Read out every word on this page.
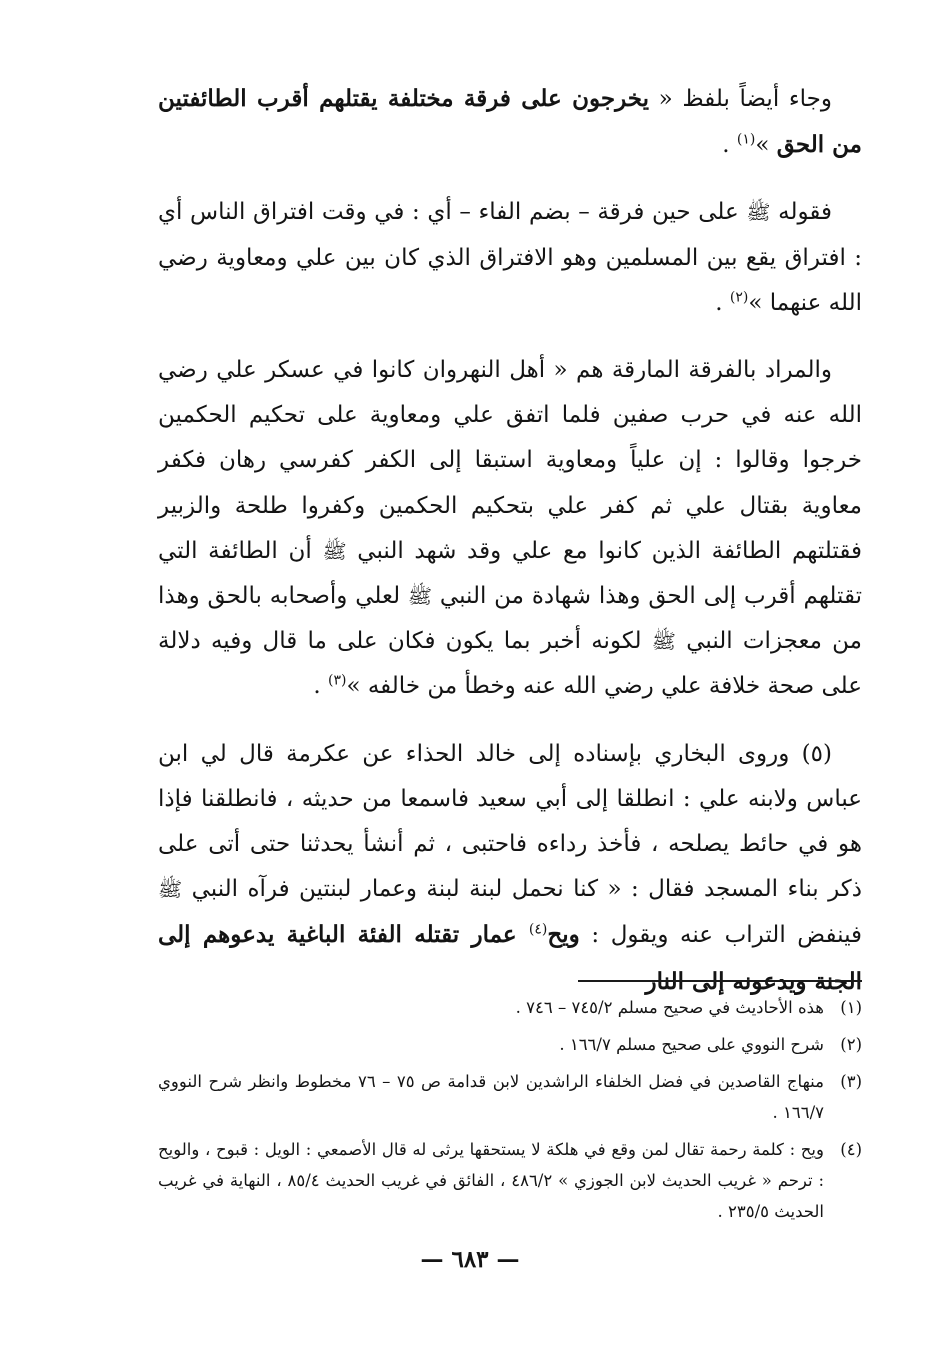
وجاء أيضاً بلفظ « يخرجون على فرقة مختلفة يقتلهم أقرب الطائفتين من الحق »$^{(١)}$ .

فقوله ﷺ على حين فرقة – بضم الفاء – أي : في وقت افتراق الناس أي : افتراق يقع بين المسلمين وهو الافتراق الذي كان بين علي ومعاوية رضي الله عنهما »$^{(٢)}$ .

والمراد بالفرقة المارقة هم « أهل النهروان كانوا في عسكر علي رضي الله عنه في حرب صفين فلما اتفق علي ومعاوية على تحكيم الحكمين خرجوا وقالوا : إن علياً ومعاوية استبقا إلى الكفر كفرسي رهان فكفر معاوية بقتال علي ثم كفر علي بتحكيم الحكمين وكفروا طلحة والزبير فقتلتهم الطائفة الذين كانوا مع علي وقد شهد النبي ﷺ أن الطائفة التي تقتلهم أقرب إلى الحق وهذا شهادة من النبي ﷺ لعلي وأصحابه بالحق وهذا من معجزات النبي ﷺ لكونه أخبر بما يكون فكان على ما قال وفيه دلالة على صحة خلافة علي رضي الله عنه وخطأ من خالفه »$^{(٣)}$ .

(٥) وروى البخاري بإسناده إلى خالد الحذاء عن عكرمة قال لي ابن عباس ولابنه علي : انطلقا إلى أبي سعيد فاسمعا من حديثه ، فانطلقنا فإذا هو في حائط يصلحه ، فأخذ رداءه فاحتبى ، ثم أنشأ يحدثنا حتى أتى على ذكر بناء المسجد فقال : « كنا نحمل لبنة لبنة وعمار لبنتين فرآه النبي ﷺ فينفض التراب عنه ويقول : ويح$^{(٤)}$ عمار تقتله الفئة الباغية يدعوهم إلى الجنة ويدعونه إلى النار

(١)
هذه الأحاديث في صحيح مسلم ٧٤٥/٢ – ٧٤٦ .

(٢)
شرح النووي على صحيح مسلم ١٦٦/٧ .

(٣)
منهاج القاصدين في فضل الخلفاء الراشدين لابن قدامة ص ٧٥ – ٧٦ مخطوط وانظر شرح النووي ١٦٦/٧ .

(٤)
ويح : كلمة رحمة تقال لمن وقع في هلكة لا يستحقها يرثى له قال الأصمعي : الويل : قبوح ، والويح : ترحم « غريب الحديث لابن الجوزي » ٤٨٦/٢ ، الفائق في غريب الحديث ٨٥/٤ ، النهاية في غريب الحديث ٢٣٥/٥ .

— ٦٨٣ —
